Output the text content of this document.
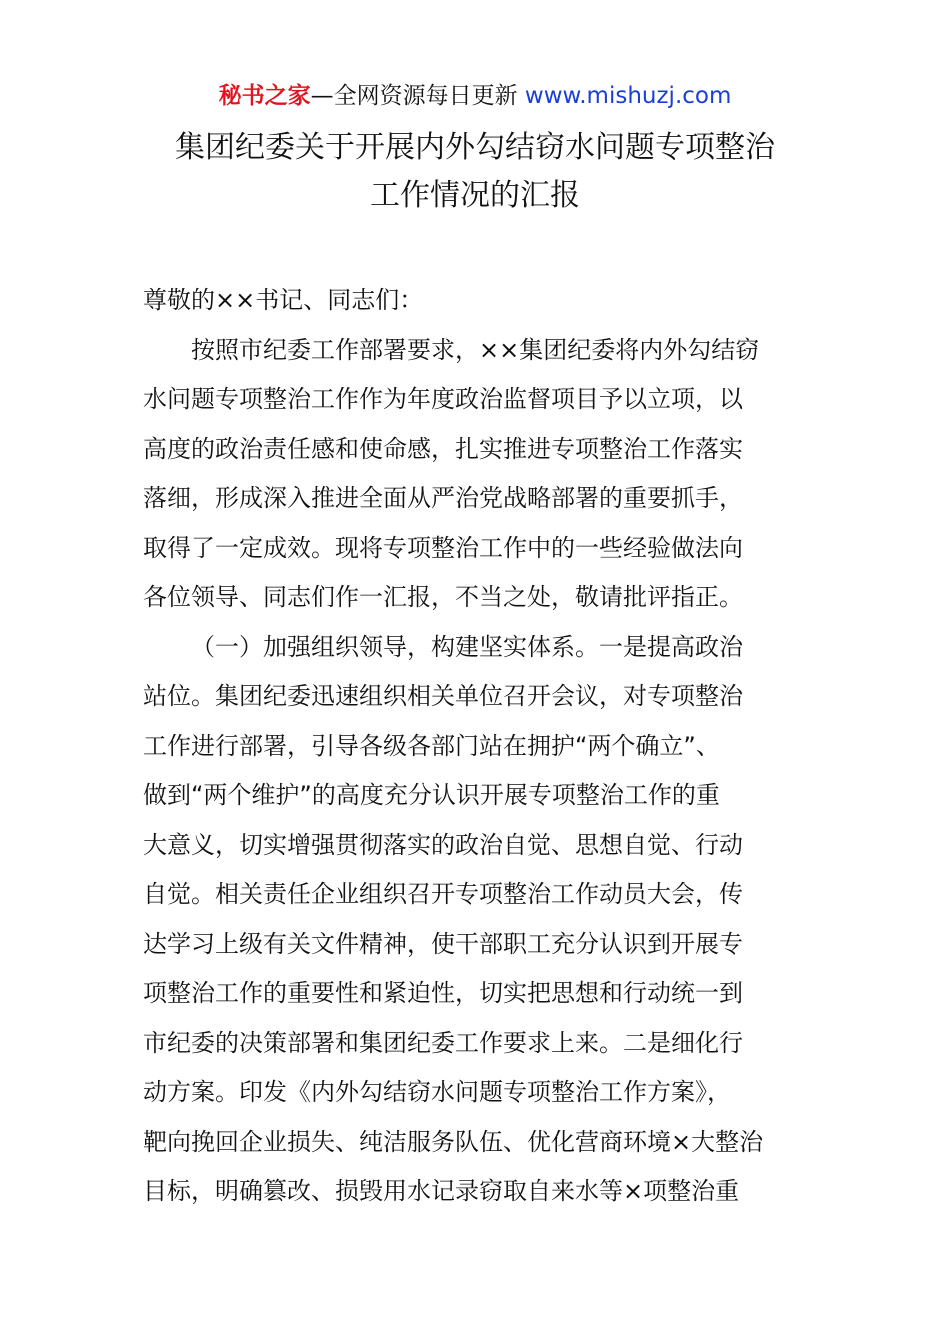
秘书之家—全网资源每日更新 www.mishuzj.com
集团纪委关于开展内外勾结窃水问题专项整治
工作情况的汇报
尊敬的××书记、同志们：
按照市纪委工作部署要求，××集团纪委将内外勾结窃
水问题专项整治工作作为年度政治监督项目予以立项，以
高度的政治责任感和使命感，扎实推进专项整治工作落实
落细，形成深入推进全面从严治党战略部署的重要抓手，
取得了一定成效。现将专项整治工作中的一些经验做法向
各位领导、同志们作一汇报，不当之处，敬请批评指正。
（一）加强组织领导，构建坚实体系。一是提高政治
站位。集团纪委迅速组织相关单位召开会议，对专项整治
工作进行部署，引导各级各部门站在拥护“两个确立”、
做到“两个维护”的高度充分认识开展专项整治工作的重
大意义，切实增强贯彻落实的政治自觉、思想自觉、行动
自觉。相关责任企业组织召开专项整治工作动员大会，传
达学习上级有关文件精神，使干部职工充分认识到开展专
项整治工作的重要性和紧迫性，切实把思想和行动统一到
市纪委的决策部署和集团纪委工作要求上来。二是细化行
动方案。印发《内外勾结窃水问题专项整治工作方案》，
靶向挽回企业损失、纯洁服务队伍、优化营商环境×大整治
目标，明确篡改、损毁用水记录窃取自来水等×项整治重
